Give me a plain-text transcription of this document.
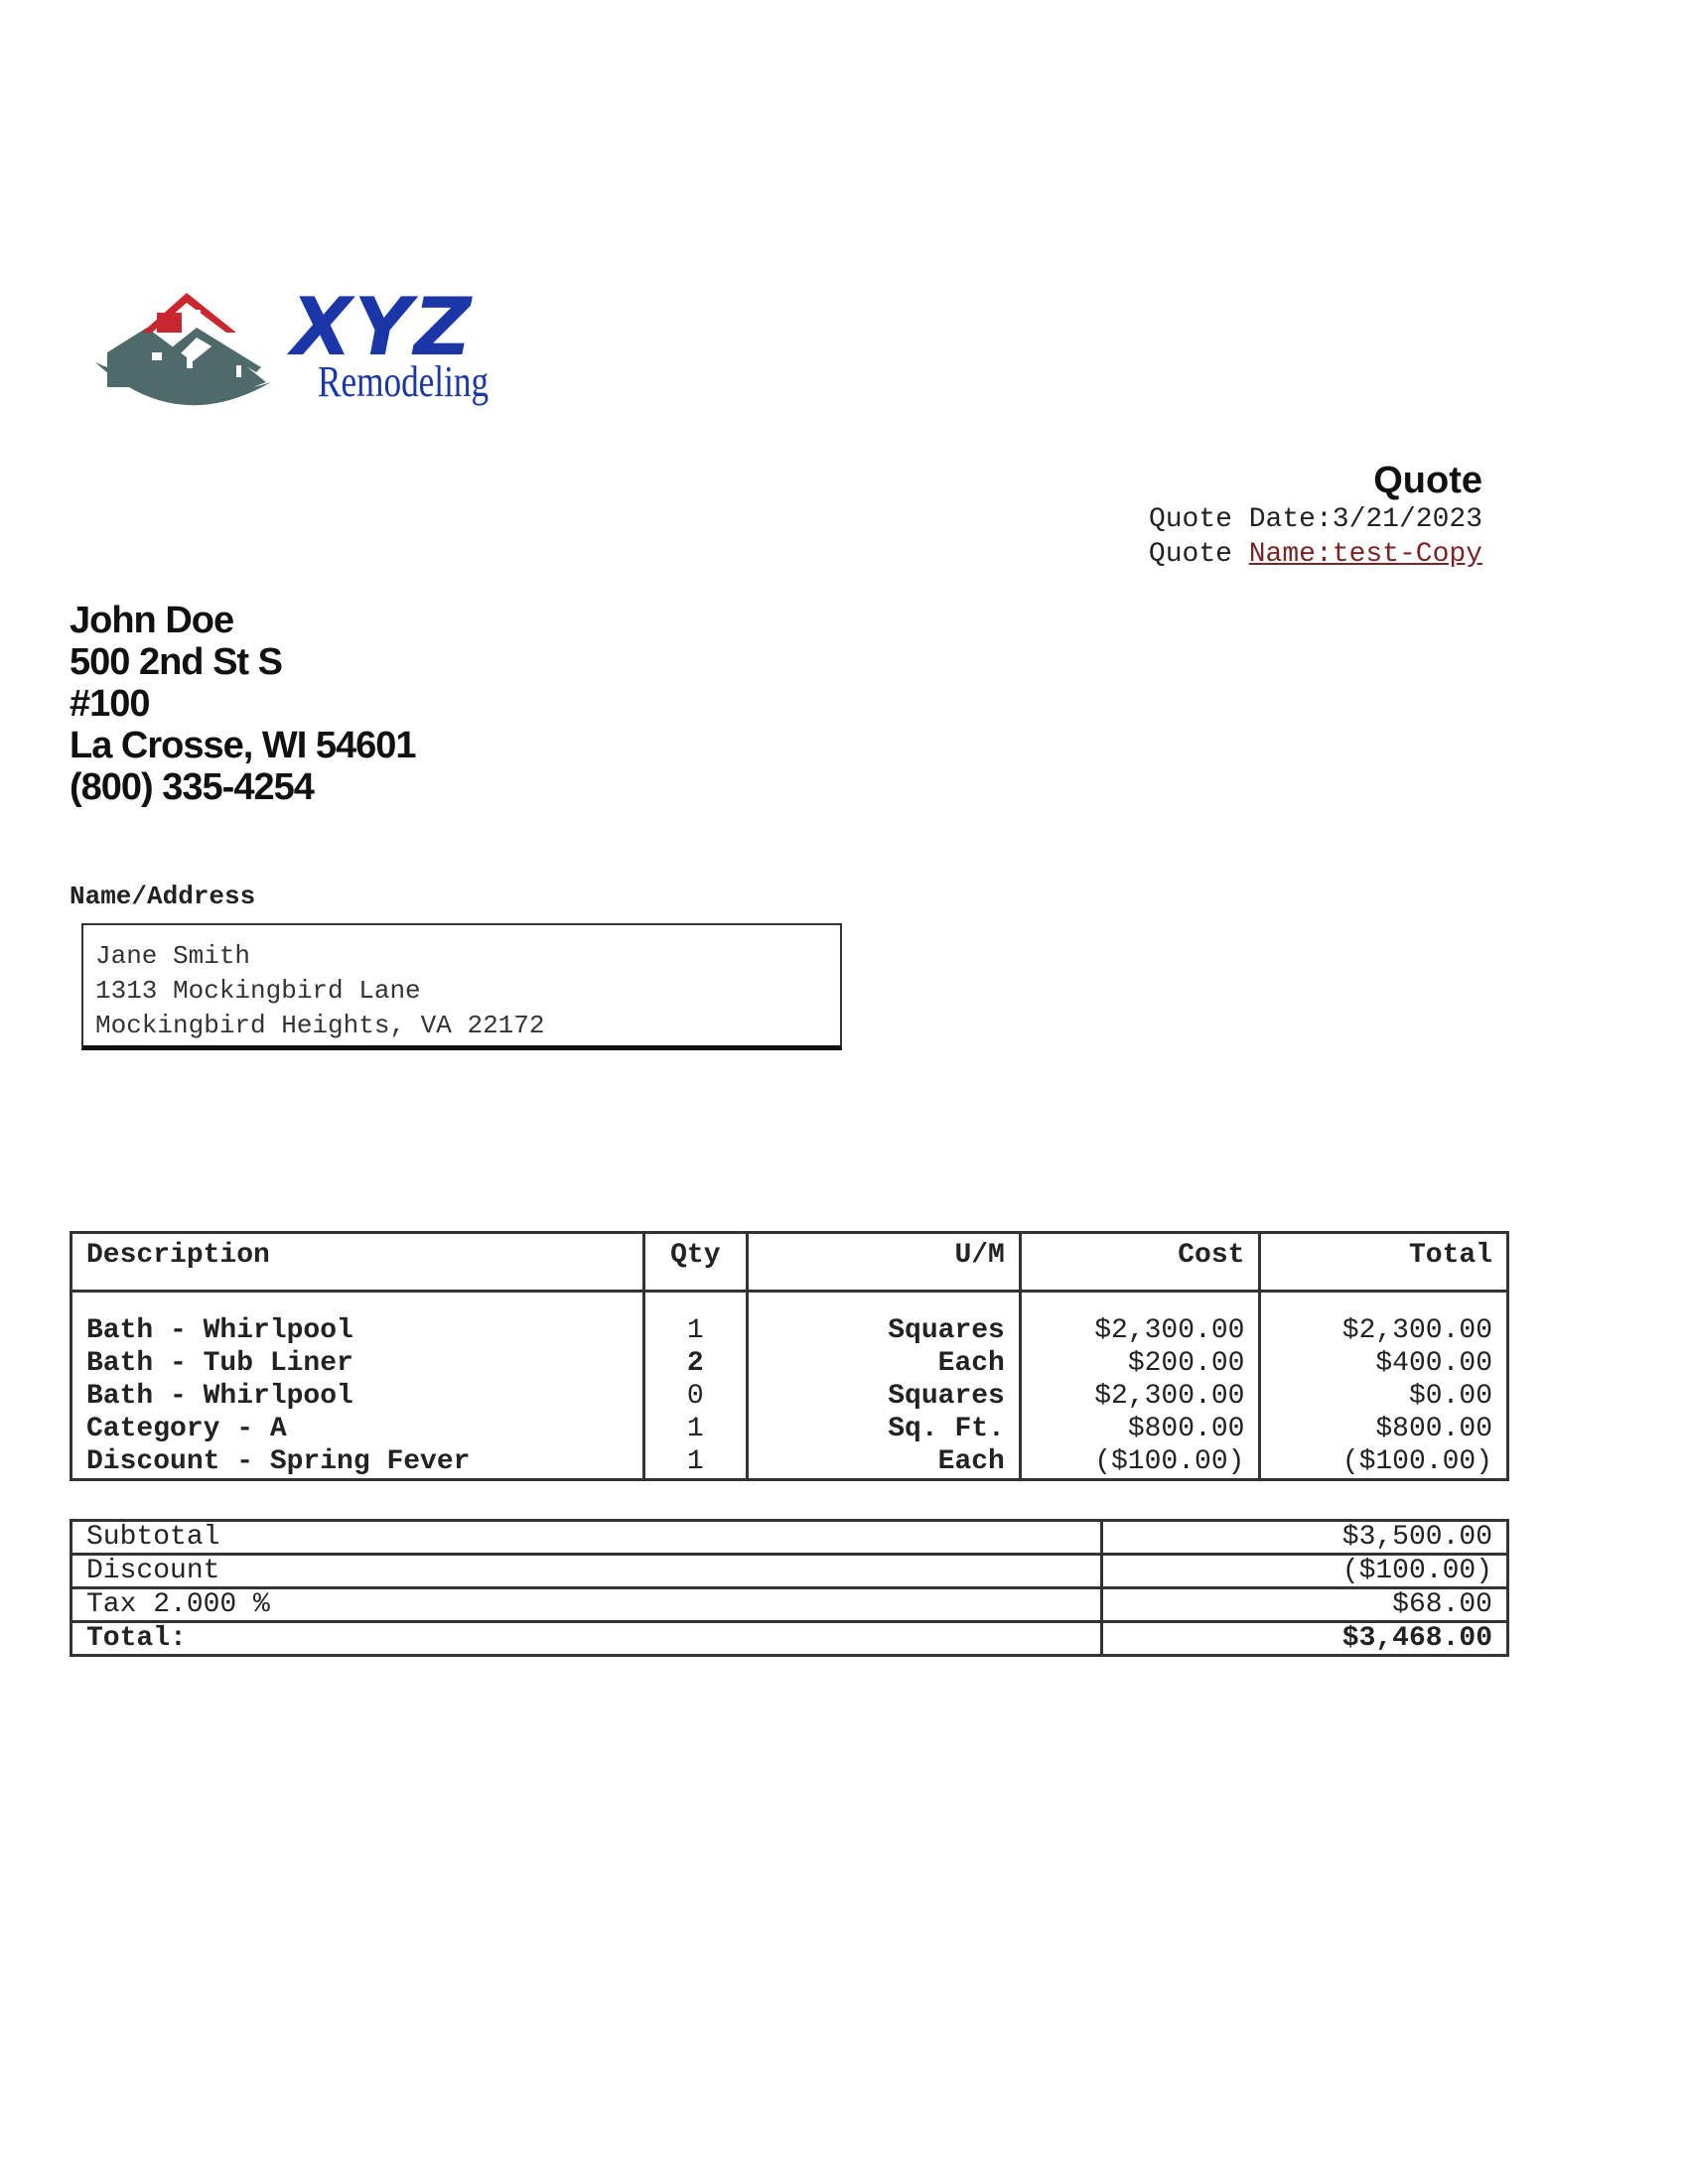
XYZ
Remodeling
Quote
Quote Date:3/21/2023
Quote Name:test-Copy
John Doe
500 2nd St S
#100
La Crosse, WI 54601
(800) 335-4254
Name/Address
Jane Smith
1313 Mockingbird Lane
Mockingbird Heights, VA 22172
Description	Qty	U/M	Cost	Total
Bath - Whirlpool	1	Squares	$2,300.00	$2,300.00
Bath - Tub Liner	2	Each	$200.00	$400.00
Bath - Whirlpool	0	Squares	$2,300.00	$0.00
Category - A	1	Sq. Ft.	$800.00	$800.00
Discount - Spring Fever	1	Each	($100.00)	($100.00)
Subtotal	$3,500.00
Discount	($100.00)
Tax 2.000 %	$68.00
Total:	$3,468.00
